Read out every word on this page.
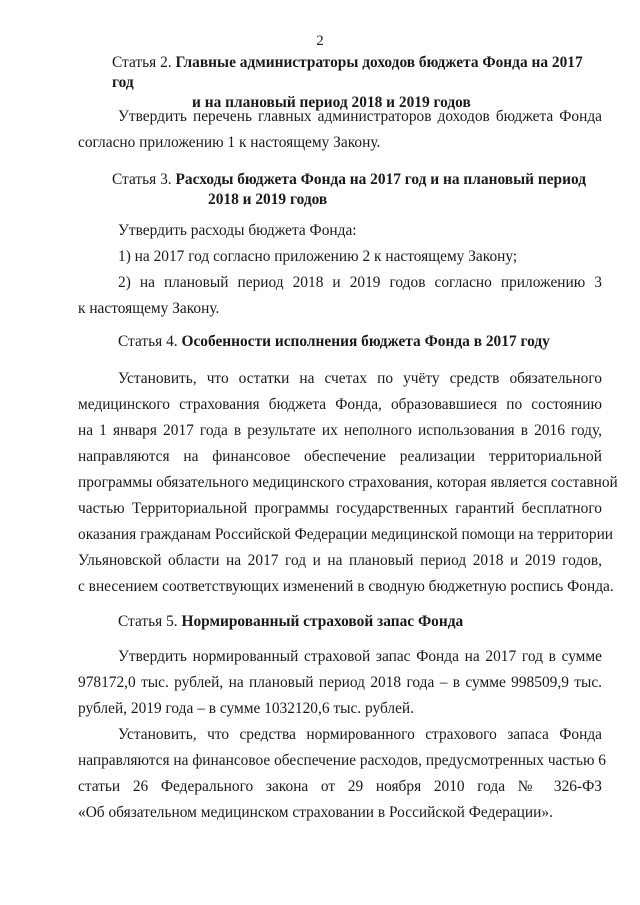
2
Статья 2. Главные администраторы доходов бюджета Фонда на 2017 год
и на плановый период 2018 и 2019 годов
Утвердить перечень главных администраторов доходов бюджета Фонда
согласно приложению 1 к настоящему Закону.
Статья 3. Расходы бюджета Фонда на 2017 год и на плановый период
2018 и 2019 годов
Утвердить расходы бюджета Фонда:
1) на 2017 год согласно приложению 2 к настоящему Закону;
2) на плановый период 2018 и 2019 годов согласно приложению 3
к настоящему Закону.
Статья 4. Особенности исполнения бюджета Фонда в 2017 году
Установить, что остатки на счетах по учёту средств обязательного
медицинского страхования бюджета Фонда, образовавшиеся по состоянию
на 1 января 2017 года в результате их неполного использования в 2016 году,
направляются на финансовое обеспечение реализации территориальной
программы обязательного медицинского страхования, которая является составной
частью Территориальной программы государственных гарантий бесплатного
оказания гражданам Российской Федерации медицинской помощи на территории
Ульяновской области на 2017 год и на плановый период 2018 и 2019 годов,
с внесением соответствующих изменений в сводную бюджетную роспись Фонда.
Статья 5. Нормированный страховой запас Фонда
Утвердить нормированный страховой запас Фонда на 2017 год в сумме
978172,0 тыс. рублей, на плановый период 2018 года – в сумме 998509,9 тыс.
рублей, 2019 года – в сумме 1032120,6 тыс. рублей.
Установить, что средства нормированного страхового запаса Фонда
направляются на финансовое обеспечение расходов, предусмотренных частью 6
статьи 26 Федерального закона от 29 ноября 2010 года № 326-ФЗ
«Об обязательном медицинском страховании в Российской Федерации».
